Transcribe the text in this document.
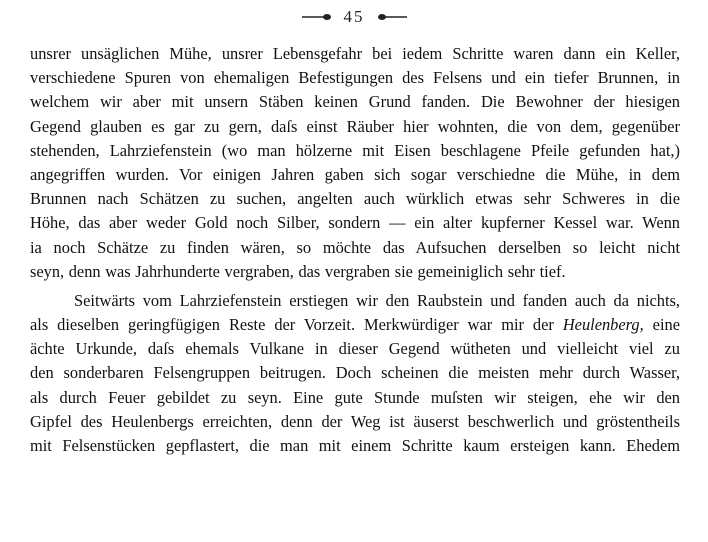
45
unsrer unsäglichen Mühe, unsrer Lebensgefahr bei iedem Schritte waren dann ein Keller,
verschiedene Spuren von ehemaligen Befestigungen des Felsens und ein tiefer Brunnen, in
welchem wir aber mit unsern Stäben keinen Grund fanden. Die Bewohner der hiesigen
Gegend glauben es gar zu gern, daſs einst Räuber hier wohnten, die von dem, gegenüber
stehenden, Lahrziefenstein (wo man hölzerne mit Eisen beschlagene Pfeile gefunden hat,)
angegriffen wurden. Vor einigen Jahren gaben sich sogar verschiedne die Mühe, in dem
Brunnen nach Schätzen zu suchen, angelten auch würklich etwas sehr Schweres in die
Höhe, das aber weder Gold noch Silber, sondern — ein alter kupferner Kessel war. Wenn
ia noch Schätze zu finden wären, so möchte das Aufsuchen derselben so leicht nicht
seyn, denn was Jahrhunderte vergraben, das vergraben sie gemeiniglich sehr tief.
Seitwärts vom Lahrziefenstein erstiegen wir den Raubstein und fanden auch da nichts,
als dieselben geringfügigen Reste der Vorzeit. Merkwürdiger war mir der Heulenberg, eine
ächte Urkunde, daſs ehemals Vulkane in dieser Gegend wütheten und vielleicht viel zu
den sonderbaren Felsengruppen beitrugen. Doch scheinen die meisten mehr durch Wasser,
als durch Feuer gebildet zu seyn. Eine gute Stunde muſsten wir steigen, ehe wir den
Gipfel des Heulenbergs erreichten, denn der Weg ist äuserst beschwerlich und gröstentheils
mit Felsenstücken gepflastert, die man mit einem Schritte kaum ersteigen kann. Ehedem
